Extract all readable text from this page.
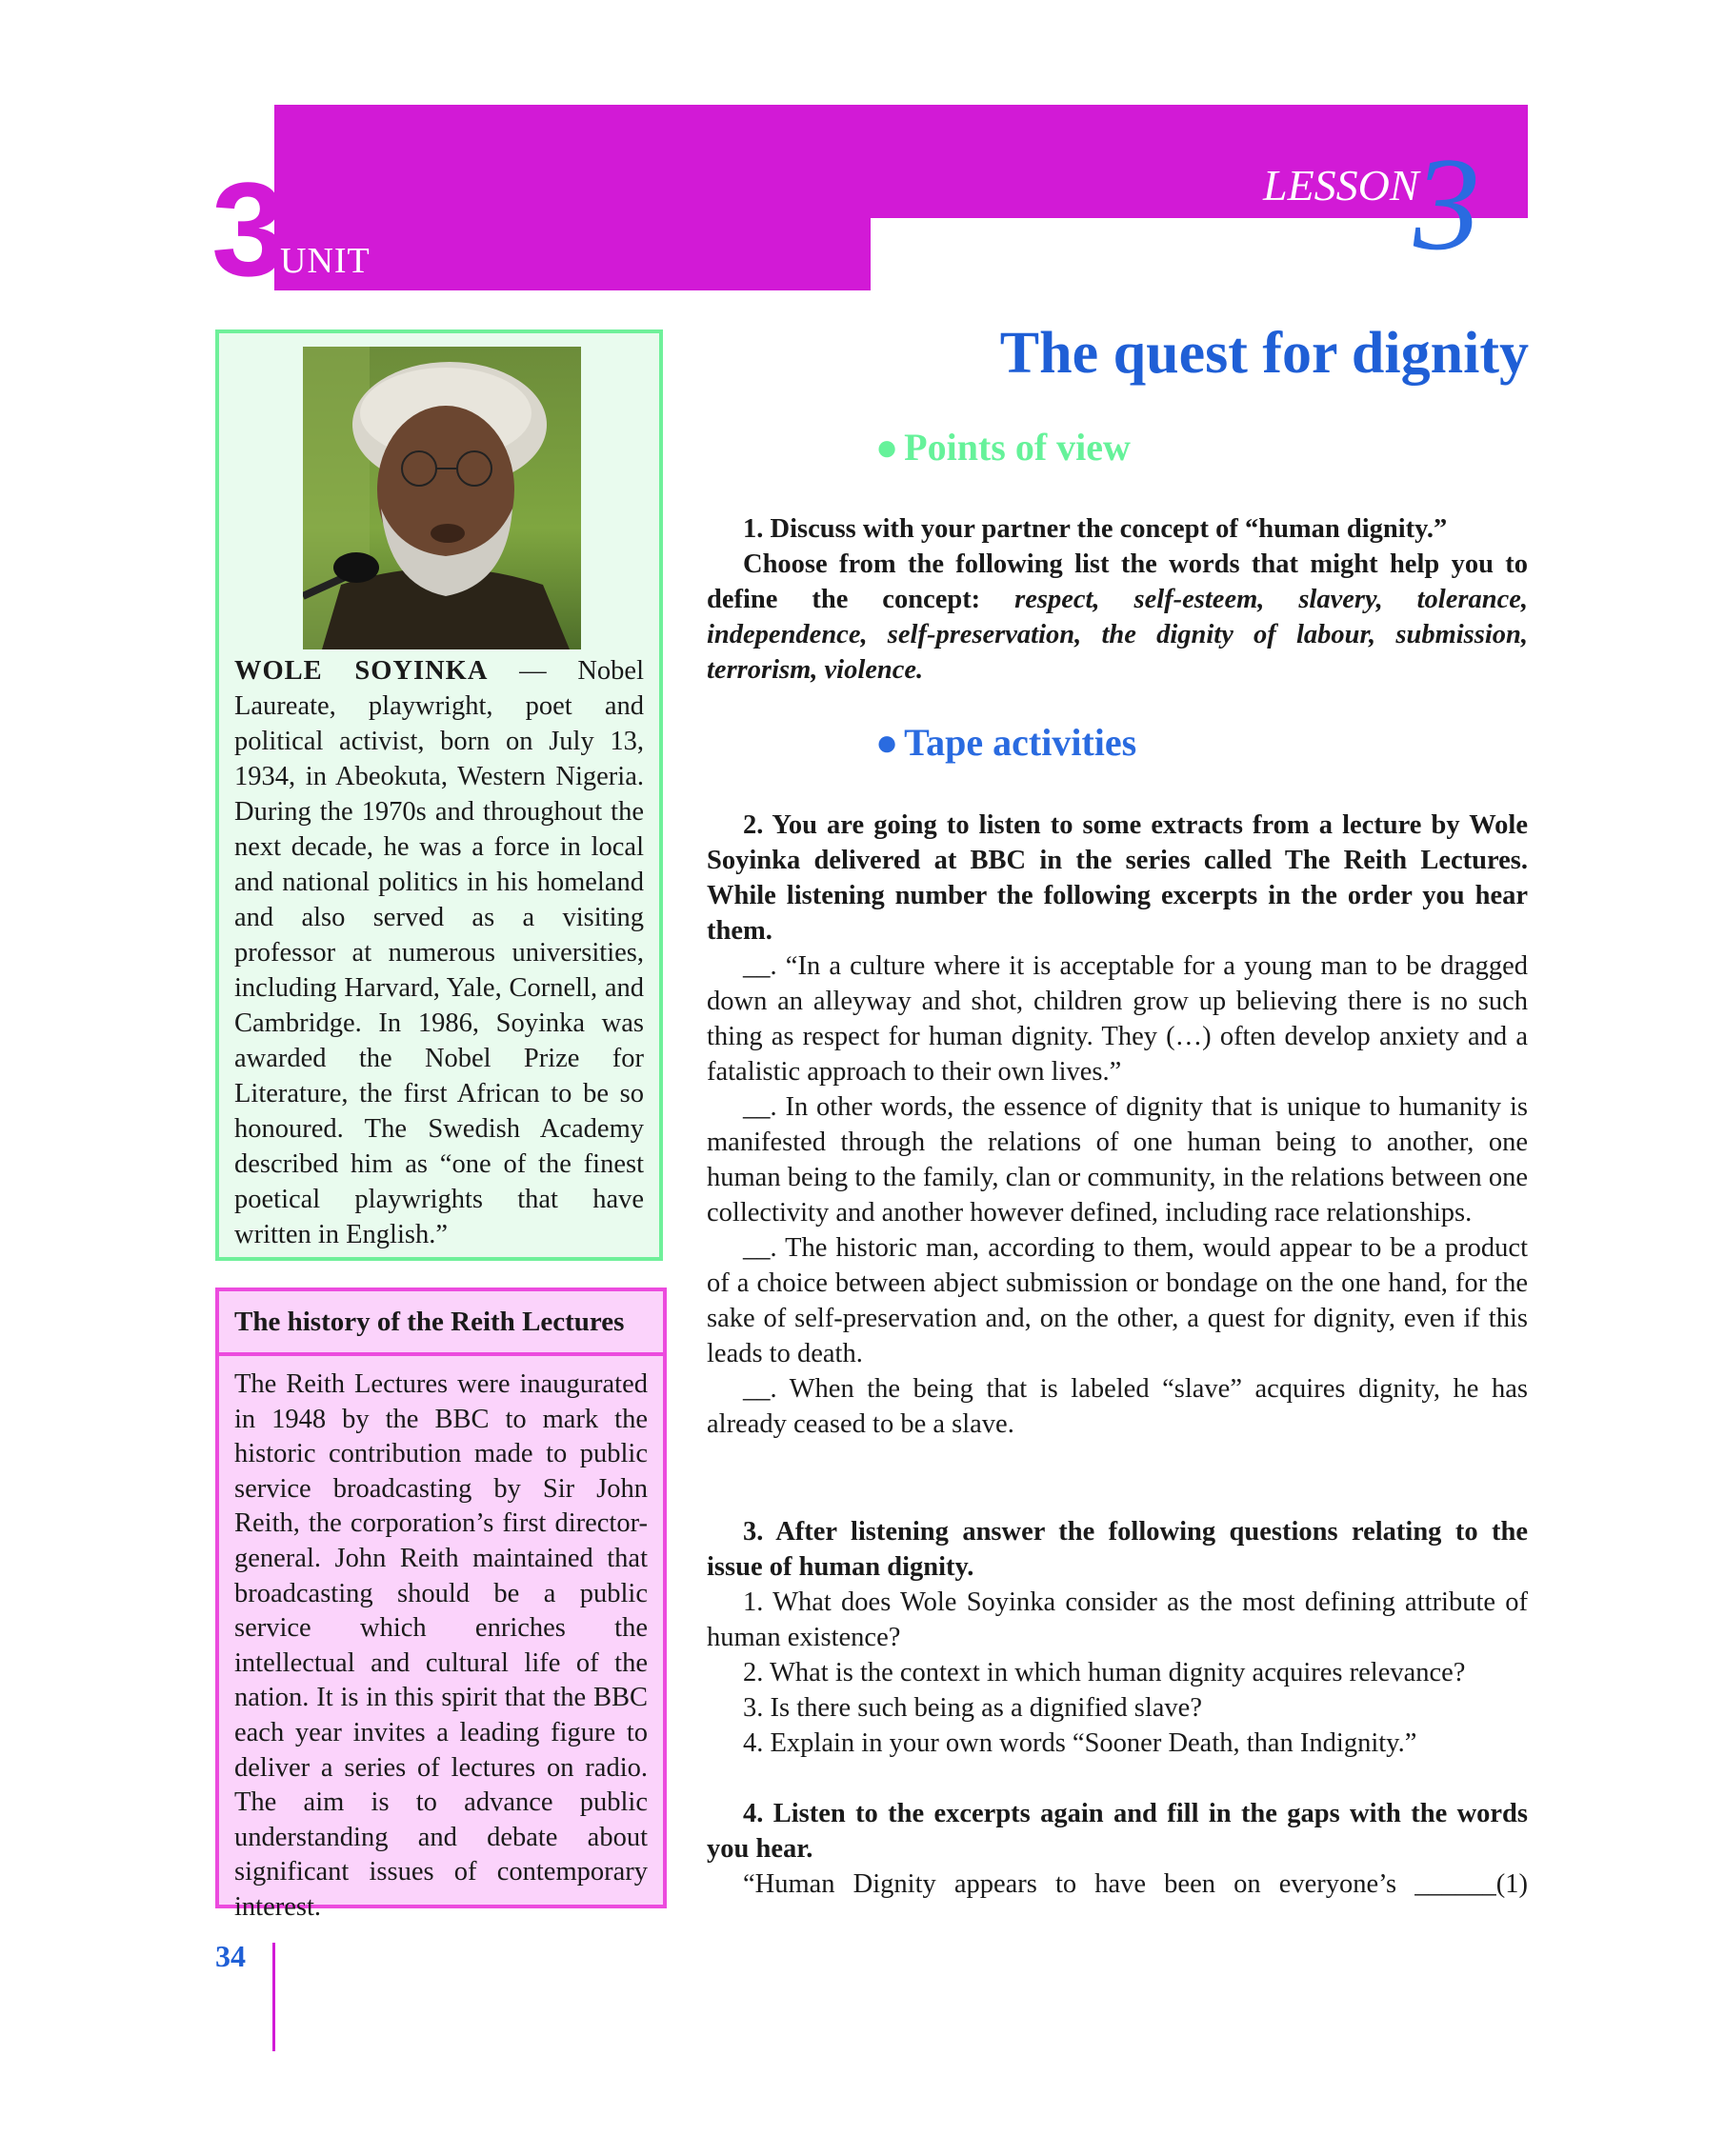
3
UNIT
LESSON
3
The quest for dignity
WOLE SOYINKA — Nobel Laureate, playwright, poet and political activist, born on July 13, 1934, in Abeokuta, Western Nigeria. During the 1970s and throughout the next decade, he was a force in local and national politics in his homeland and also served as a visiting professor at numerous universities, including Harvard, Yale, Cornell, and Cambridge. In 1986, Soyinka was awarded the Nobel Prize for Literature, the first African to be so honoured. The Swedish Academy described him as “one of the finest poetical playwrights that have written in English.”
The history of the Reith Lectures
The Reith Lectures were inaugurated in 1948 by the BBC to mark the historic contribution made to public service broadcasting by Sir John Reith, the corporation’s first director-general. John Reith maintained that broadcasting should be a public service which enriches the intellectual and cultural life of the nation. It is in this spirit that the BBC each year invites a leading figure to deliver a series of lectures on radio. The aim is to advance public understanding and debate about significant issues of contemporary interest.
● Points of view
● Tape activities

1. Discuss with your partner the concept of “human dignity.”

Choose from the following list the words that might help you to define the concept: respect, self-esteem, slavery, tolerance, independence, self-preservation, the dignity of labour, submission, terrorism, violence.

2. You are going to listen to some extracts from a lecture by Wole Soyinka delivered at BBC in the series called The Reith Lectures. While listening number the following excerpts in the order you hear them.

__. “In a culture where it is acceptable for a young man to be dragged down an alleyway and shot, children grow up believing there is no such thing as respect for human dignity. They (…) often develop anxiety and a fatalistic approach to their own lives.”

__. In other words, the essence of dignity that is unique to humanity is manifested through the relations of one human being to another, one human being to the family, clan or community, in the relations between one collectivity and another however defined, including race relationships.

__. The historic man, according to them, would appear to be a product of a choice between abject submission or bondage on the one hand, for the sake of self-preservation and, on the other, a quest for dignity, even if this leads to death.

__. When the being that is labeled “slave” acquires dignity, he has already ceased to be a slave.

3. After listening answer the following questions relating to the issue of human dignity.

1. What does Wole Soyinka consider as the most defining attribute of human existence?

2. What is the context in which human dignity acquires relevance?

3. Is there such being as a dignified slave?

4. Explain in your own words “Sooner Death, than Indignity.”

4. Listen to the excerpts again and fill in the gaps with the words you hear.

“Human Dignity appears to have been on everyone’s ______(1)

34
